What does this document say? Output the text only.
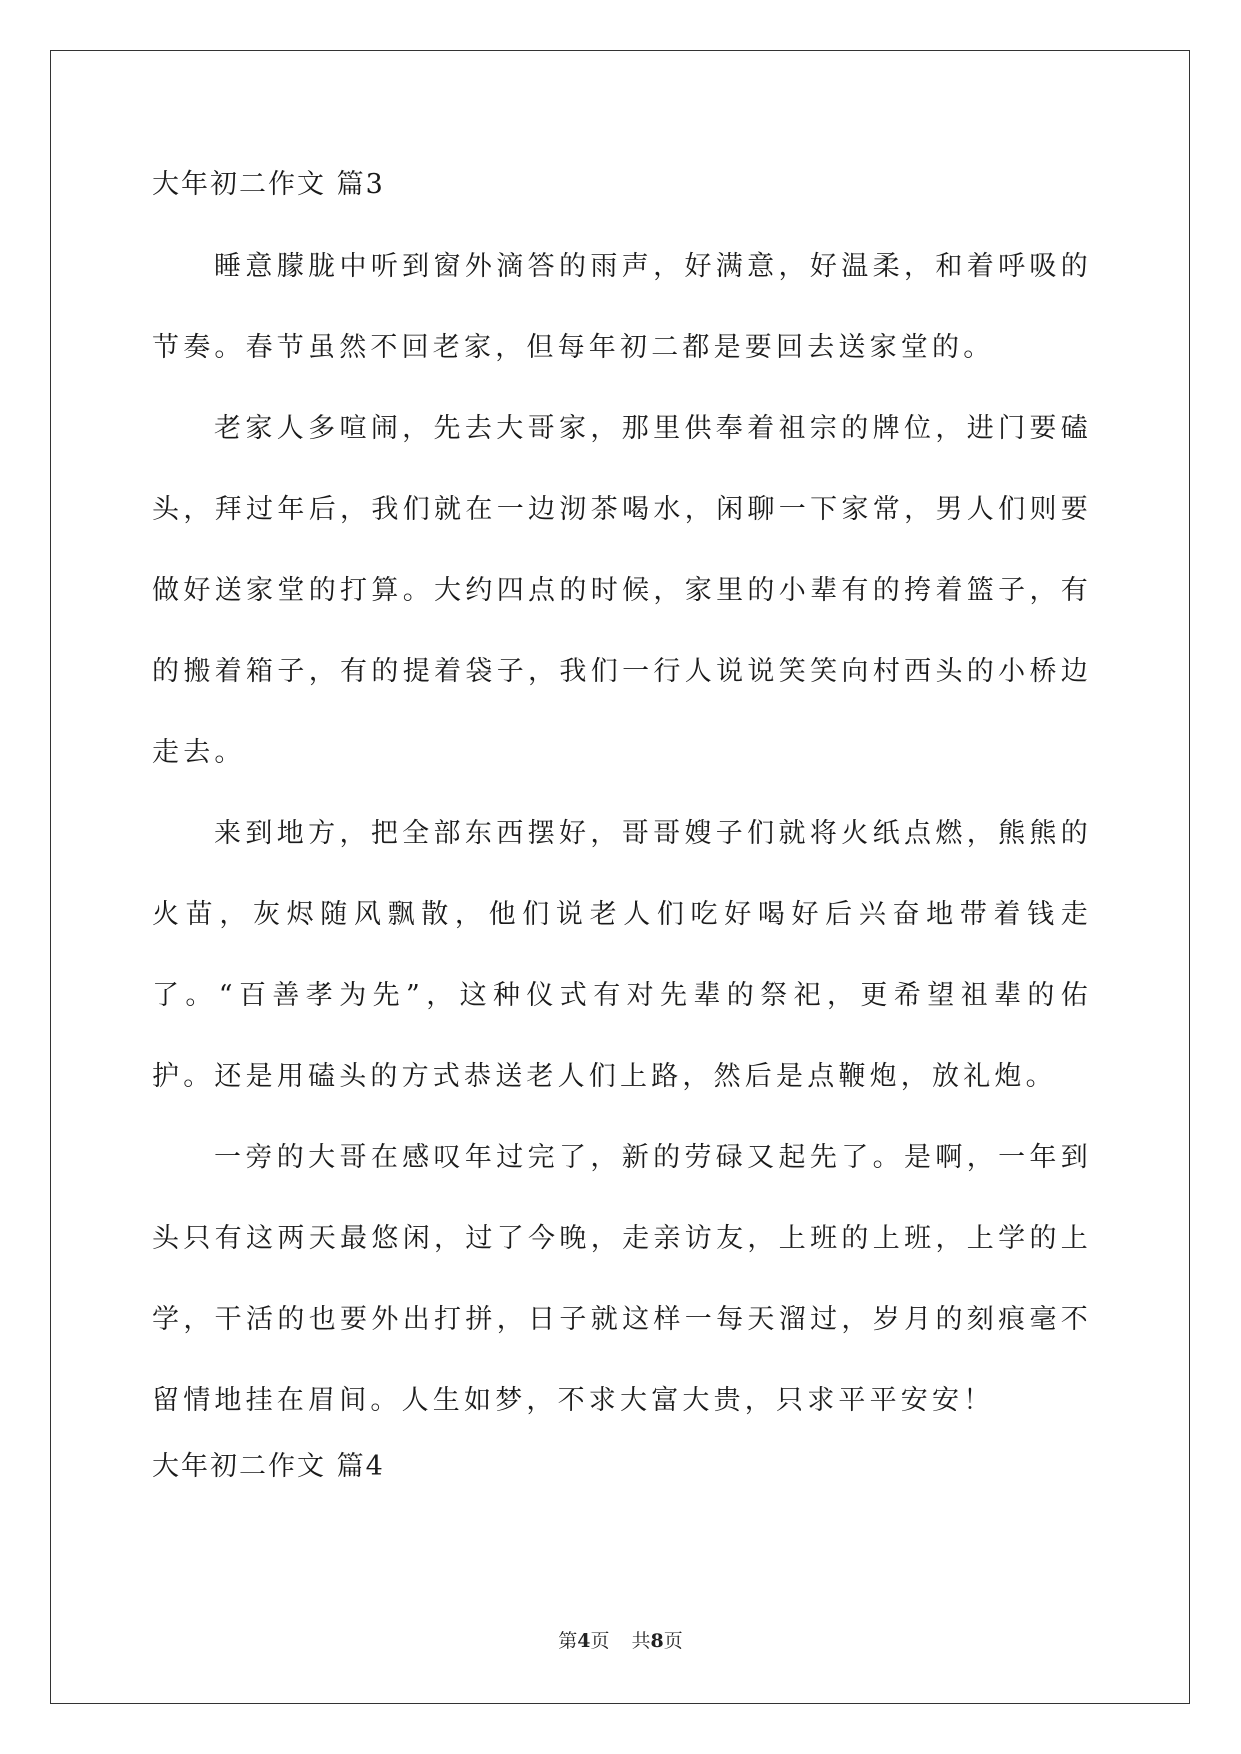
大年初二作文 篇3

睡意朦胧中听到窗外滴答的雨声，好满意，好温柔，和着呼吸的节奏。春节虽然不回老家，但每年初二都是要回去送家堂的。

老家人多喧闹，先去大哥家，那里供奉着祖宗的牌位，进门要磕头，拜过年后，我们就在一边沏茶喝水，闲聊一下家常，男人们则要做好送家堂的打算。大约四点的时候，家里的小辈有的挎着篮子，有的搬着箱子，有的提着袋子，我们一行人说说笑笑向村西头的小桥边走去。

来到地方，把全部东西摆好，哥哥嫂子们就将火纸点燃，熊熊的火苗，灰烬随风飘散，他们说老人们吃好喝好后兴奋地带着钱走了。“百善孝为先”，这种仪式有对先辈的祭祀，更希望祖辈的佑护。还是用磕头的方式恭送老人们上路，然后是点鞭炮，放礼炮。

一旁的大哥在感叹年过完了，新的劳碌又起先了。是啊，一年到头只有这两天最悠闲，过了今晚，走亲访友，上班的上班，上学的上学，干活的也要外出打拼，日子就这样一每天溜过，岁月的刻痕毫不留情地挂在眉间。人生如梦，不求大富大贵，只求平平安安！

大年初二作文 篇4
第4页 共8页
